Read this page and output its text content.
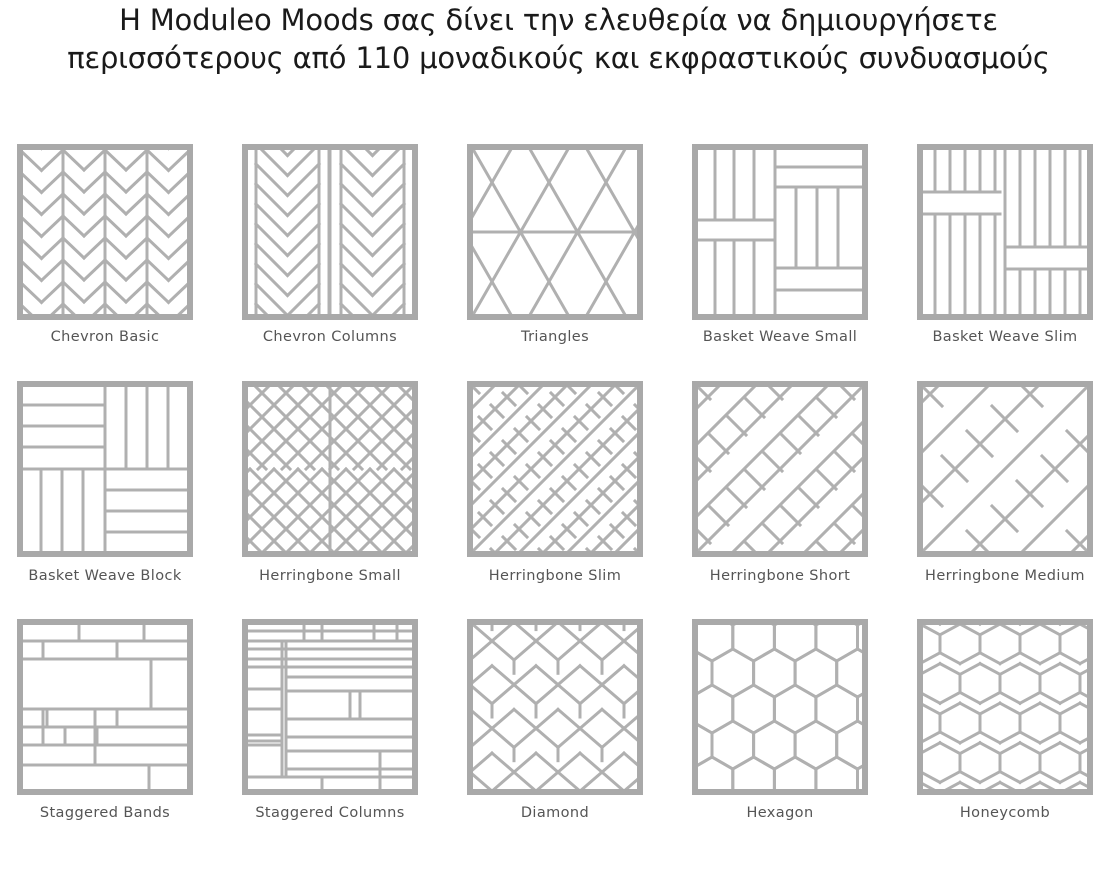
Η Moduleo Moods σας δίνει την ελευθερία να δημιουργήσετε
περισσότερους από 110 μοναδικούς και εκφραστικούς συνδυασμούς
Chevron Basic	Chevron Columns	Triangles	Basket Weave Small	Basket Weave Slim
Basket Weave Block	Herringbone Small	Herringbone Slim	Herringbone Short	Herringbone Medium
Staggered Bands	Staggered Columns	Diamond	Hexagon	Honeycomb
